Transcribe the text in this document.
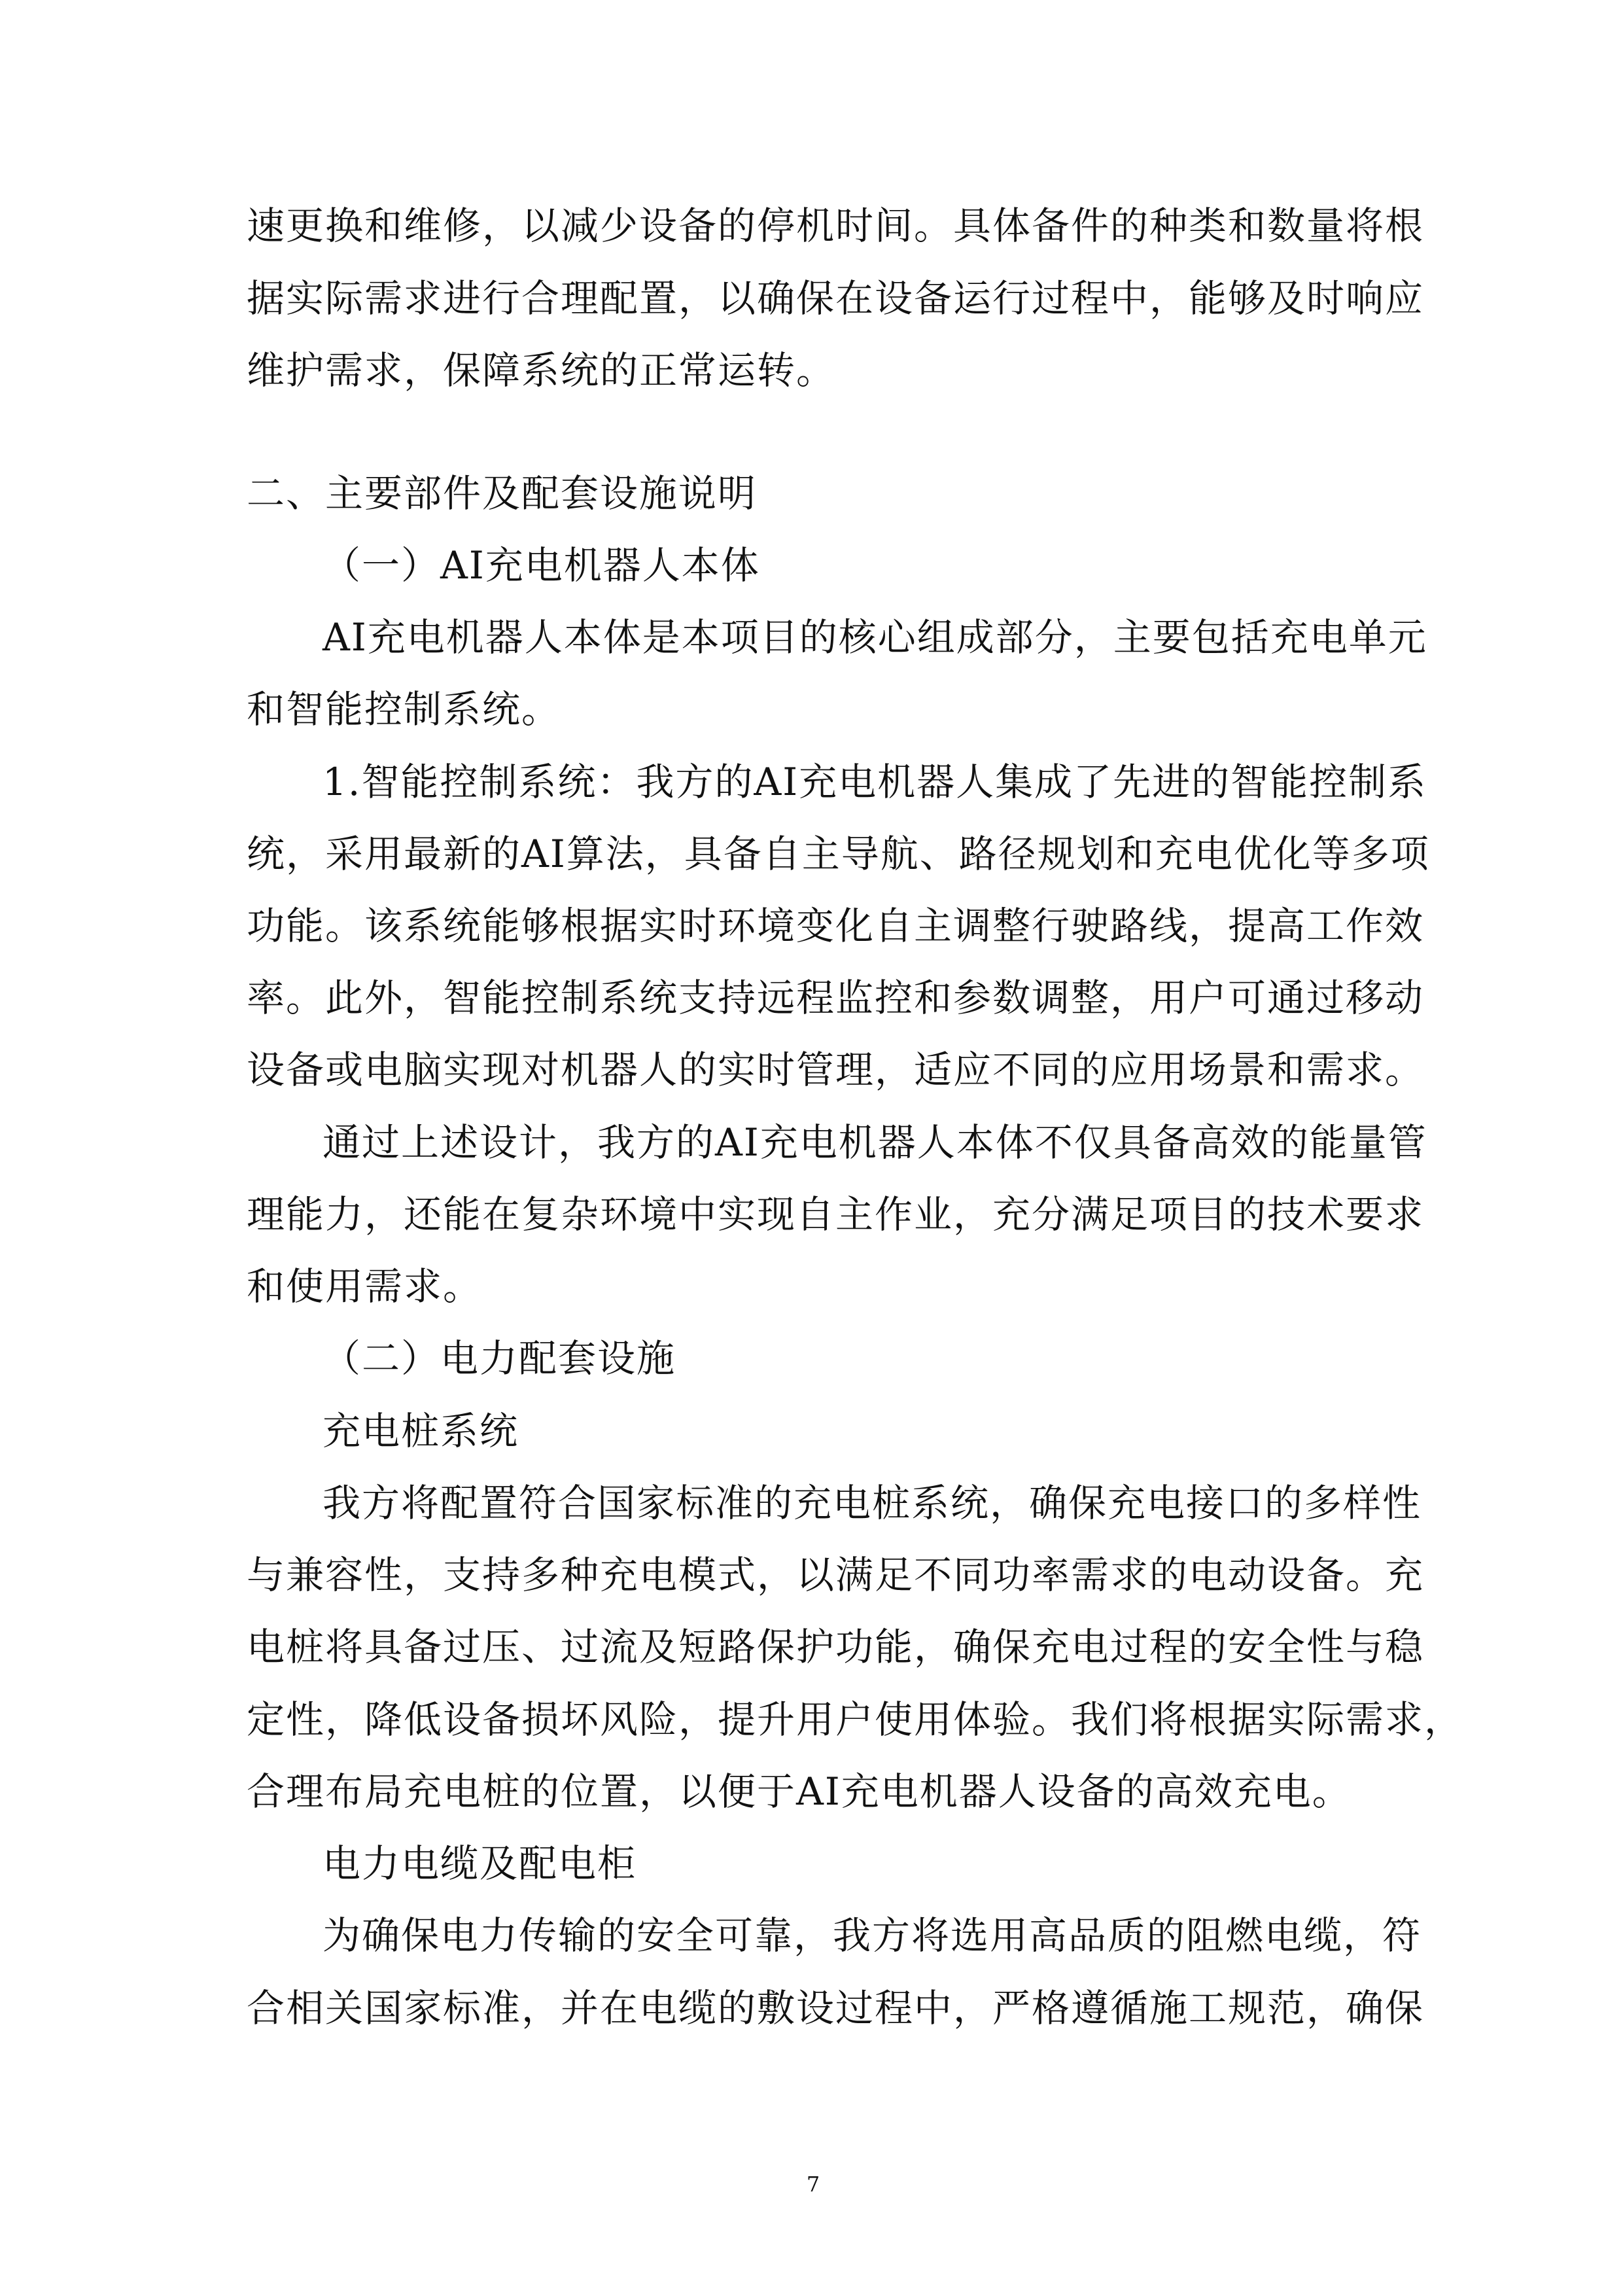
速更换和维修，以减少设备的停机时间。具体备件的种类和数量将根
据实际需求进行合理配置，以确保在设备运行过程中，能够及时响应
维护需求，保障系统的正常运转。
二、主要部件及配套设施说明
（一）AI充电机器人本体
AI充电机器人本体是本项目的核心组成部分，主要包括充电单元
和智能控制系统。
1.智能控制系统：我方的AI充电机器人集成了先进的智能控制系
统，采用最新的AI算法，具备自主导航、路径规划和充电优化等多项
功能。该系统能够根据实时环境变化自主调整行驶路线，提高工作效
率。此外，智能控制系统支持远程监控和参数调整，用户可通过移动
设备或电脑实现对机器人的实时管理，适应不同的应用场景和需求。
通过上述设计，我方的AI充电机器人本体不仅具备高效的能量管
理能力，还能在复杂环境中实现自主作业，充分满足项目的技术要求
和使用需求。
（二）电力配套设施
充电桩系统
我方将配置符合国家标准的充电桩系统，确保充电接口的多样性
与兼容性，支持多种充电模式，以满足不同功率需求的电动设备。充
电桩将具备过压、过流及短路保护功能，确保充电过程的安全性与稳
定性，降低设备损坏风险，提升用户使用体验。我们将根据实际需求，
合理布局充电桩的位置，以便于AI充电机器人设备的高效充电。
电力电缆及配电柜
为确保电力传输的安全可靠，我方将选用高品质的阻燃电缆，符
合相关国家标准，并在电缆的敷设过程中，严格遵循施工规范，确保
7
